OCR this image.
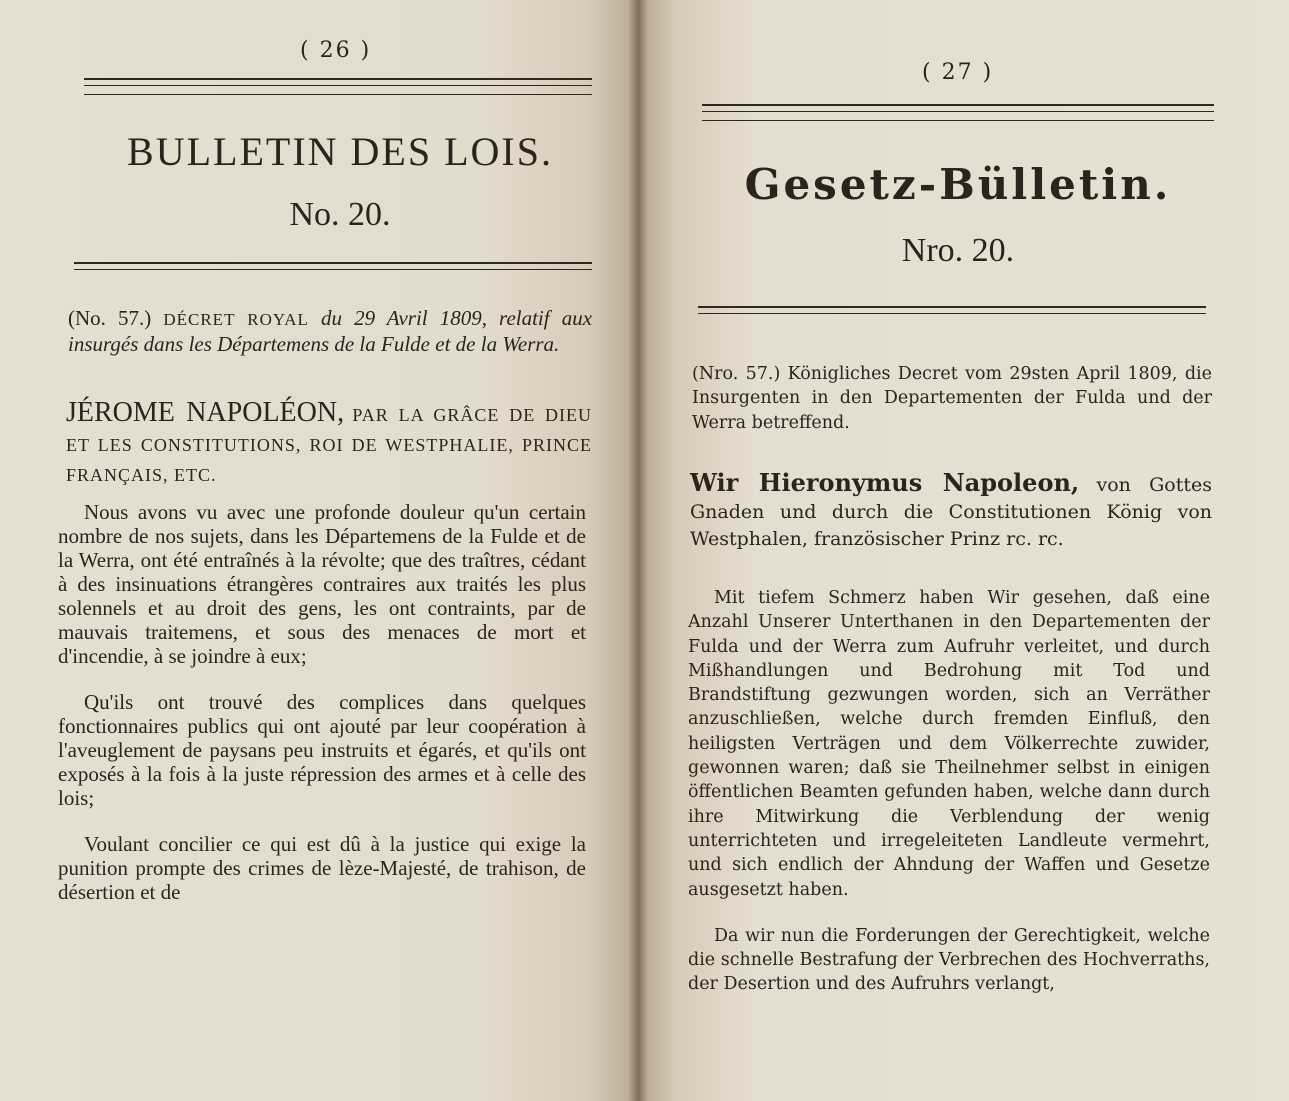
( 26 )
BULLETIN DES LOIS.
No. 20.
(No. 57.) DÉCRET ROYAL du 29 Avril 1809, relatif aux insurgés dans les Départemens de la Fulde et de la Werra.
JÉROME NAPOLÉON, PAR LA GRÂCE DE DIEU ET LES CONSTITUTIONS, ROI DE WESTPHALIE, PRINCE FRANÇAIS, ETC.

Nous avons vu avec une profonde douleur qu'un certain nombre de nos sujets, dans les Départemens de la Fulde et de la Werra, ont été entraînés à la révolte; que des traîtres, cédant à des insinuations étrangères contraires aux traités les plus solennels et au droit des gens, les ont contraints, par de mauvais traitemens, et sous des menaces de mort et d'incendie, à se joindre à eux;

Qu'ils ont trouvé des complices dans quelques fonctionnaires publics qui ont ajouté par leur coopération à l'aveuglement de paysans peu instruits et égarés, et qu'ils ont exposés à la fois à la juste répression des armes et à celle des lois;

Voulant concilier ce qui est dû à la justice qui exige la punition prompte des crimes de lèze-Majesté, de trahison, de désertion et de

( 27 )
Gesetz-Bülletin.
Nro. 20.
(Nro. 57.) Königliches Decret vom 29sten April 1809, die Insurgenten in den Departementen der Fulda und der Werra betreffend.
Wir Hieronymus Napoleon, von Gottes Gnaden und durch die Constitutionen König von Westphalen, französischer Prinz rc. rc.

Mit tiefem Schmerz haben Wir gesehen, daß eine Anzahl Unserer Unterthanen in den Departementen der Fulda und der Werra zum Aufruhr verleitet, und durch Mißhandlungen und Bedrohung mit Tod und Brandstiftung gezwungen worden, sich an Verräther anzuschließen, welche durch fremden Einfluß, den heiligsten Verträgen und dem Völkerrechte zuwider, gewonnen waren; daß sie Theilnehmer selbst in einigen öffentlichen Beamten gefunden haben, welche dann durch ihre Mitwirkung die Verblendung der wenig unterrichteten und irregeleiteten Landleute vermehrt, und sich endlich der Ahndung der Waffen und Gesetze ausgesetzt haben.

Da wir nun die Forderungen der Gerechtigkeit, welche die schnelle Bestrafung der Verbrechen des Hochverraths, der Desertion und des Aufruhrs verlangt,
